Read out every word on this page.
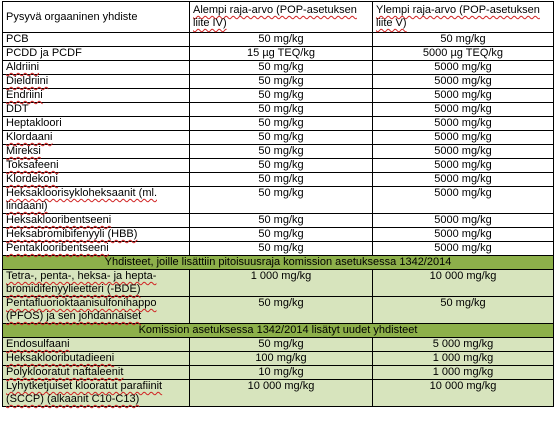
Pysyvä orgaaninen yhdiste	Alempi raja-arvo (POP-asetuksen liite IV)	Ylempi raja-arvo (POP-asetuksen liite V)
PCB	50 mg/kg	50 mg/kg
PCDD ja PCDF	15 µg TEQ/kg	5000 µg TEQ/kg
Aldriini	50 mg/kg	5000 mg/kg
Dieldriini	50 mg/kg	5000 mg/kg
Endriini	50 mg/kg	5000 mg/kg
DDT	50 mg/kg	5000 mg/kg
Heptakloori	50 mg/kg	5000 mg/kg
Klordaani	50 mg/kg	5000 mg/kg
Mireksi	50 mg/kg	5000 mg/kg
Toksafeeni	50 mg/kg	5000 mg/kg
Klordekoni	50 mg/kg	5000 mg/kg
Heksakloorisykloheksaanit (ml. lindaani)	50 mg/kg	5000 mg/kg
Heksaklooribentseeni	50 mg/kg	5000 mg/kg
Heksabromibifenyyli (HBB)	50 mg/kg	5000 mg/kg
Pentaklooribentseeni	50 mg/kg	5000 mg/kg
Yhdisteet, joille lisättiin pitoisuusraja komission asetuksessa 1342/2014		
Tetra-, penta-, heksa- ja hepta-bromidifenyylieetteri (-BDE)	1 000 mg/kg	10 000 mg/kg
Pentafluorioktaanisulfonihappo (PFOS) ja sen johdannaiset	50 mg/kg	50 mg/kg
Komission asetuksessa 1342/2014 lisätyt uudet yhdisteet		
Endosulfaani	50 mg/kg	5 000 mg/kg
Heksaklooributadieeni	100 mg/kg	1 000 mg/kg
Polyklooratut naftaleenit	10 mg/kg	1 000 mg/kg
Lyhytketjuiset klooratut parafiinit (SCCP) (alkaanit C10-C13)	10 000 mg/kg	10 000 mg/kg
